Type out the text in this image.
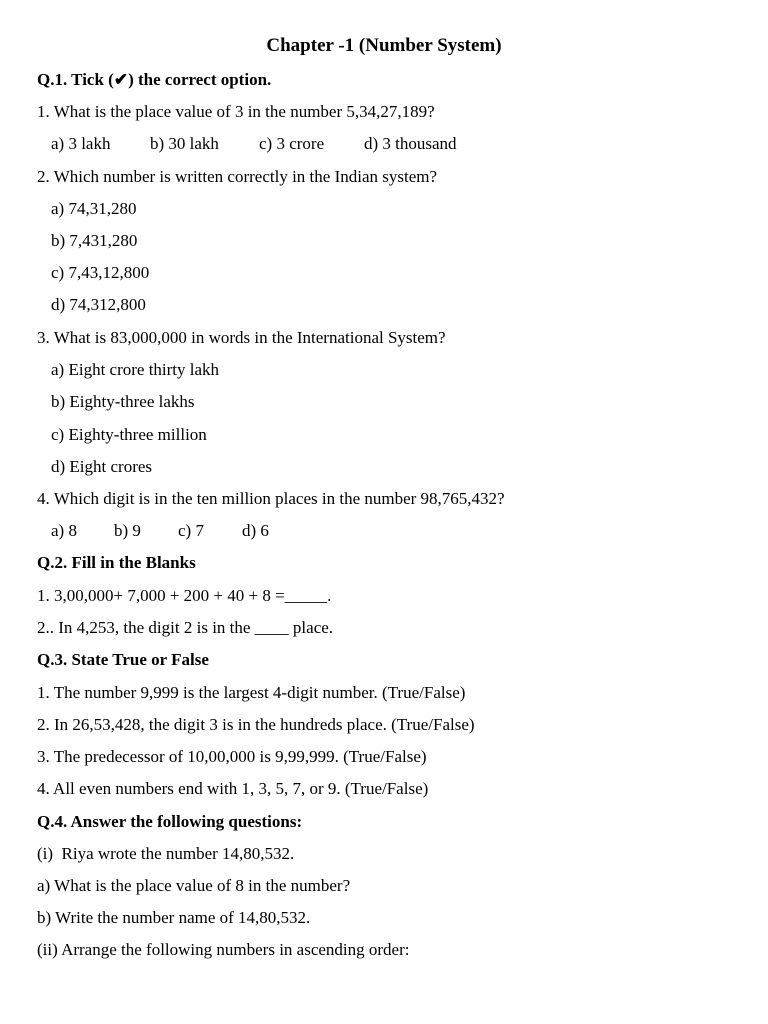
Chapter -1 (Number System)
Q.1. Tick (✔) the correct option.
1. What is the place value of 3 in the number 5,34,27,189?

a) 3 lakh

b) 30 lakh

c) 3 crore

d) 3 thousand

2. Which number is written correctly in the Indian system?
a) 74,31,280
b) 7,431,280
c) 7,43,12,800
d) 74,312,800
3. What is 83,000,000 in words in the International System?
a) Eight crore thirty lakh
b) Eighty-three lakhs
c) Eighty-three million
d) Eight crores
4. Which digit is in the ten million places in the number 98,765,432?

a) 8

b) 9

c) 7

d) 6

Q.2. Fill in the Blanks
1. 3,00,000+ 7,000 + 200 + 40 + 8 =_____.
2.. In 4,253, the digit 2 is in the ____ place.
Q.3. State True or False
1. The number 9,999 is the largest 4-digit number. (True/False)
2. In 26,53,428, the digit 3 is in the hundreds place. (True/False)
3. The predecessor of 10,00,000 is 9,99,999. (True/False)
4. All even numbers end with 1, 3, 5, 7, or 9. (True/False)
Q.4. Answer the following questions:
(i)  Riya wrote the number 14,80,532.
a) What is the place value of 8 in the number?
b) Write the number name of 14,80,532.
(ii) Arrange the following numbers in ascending order:
